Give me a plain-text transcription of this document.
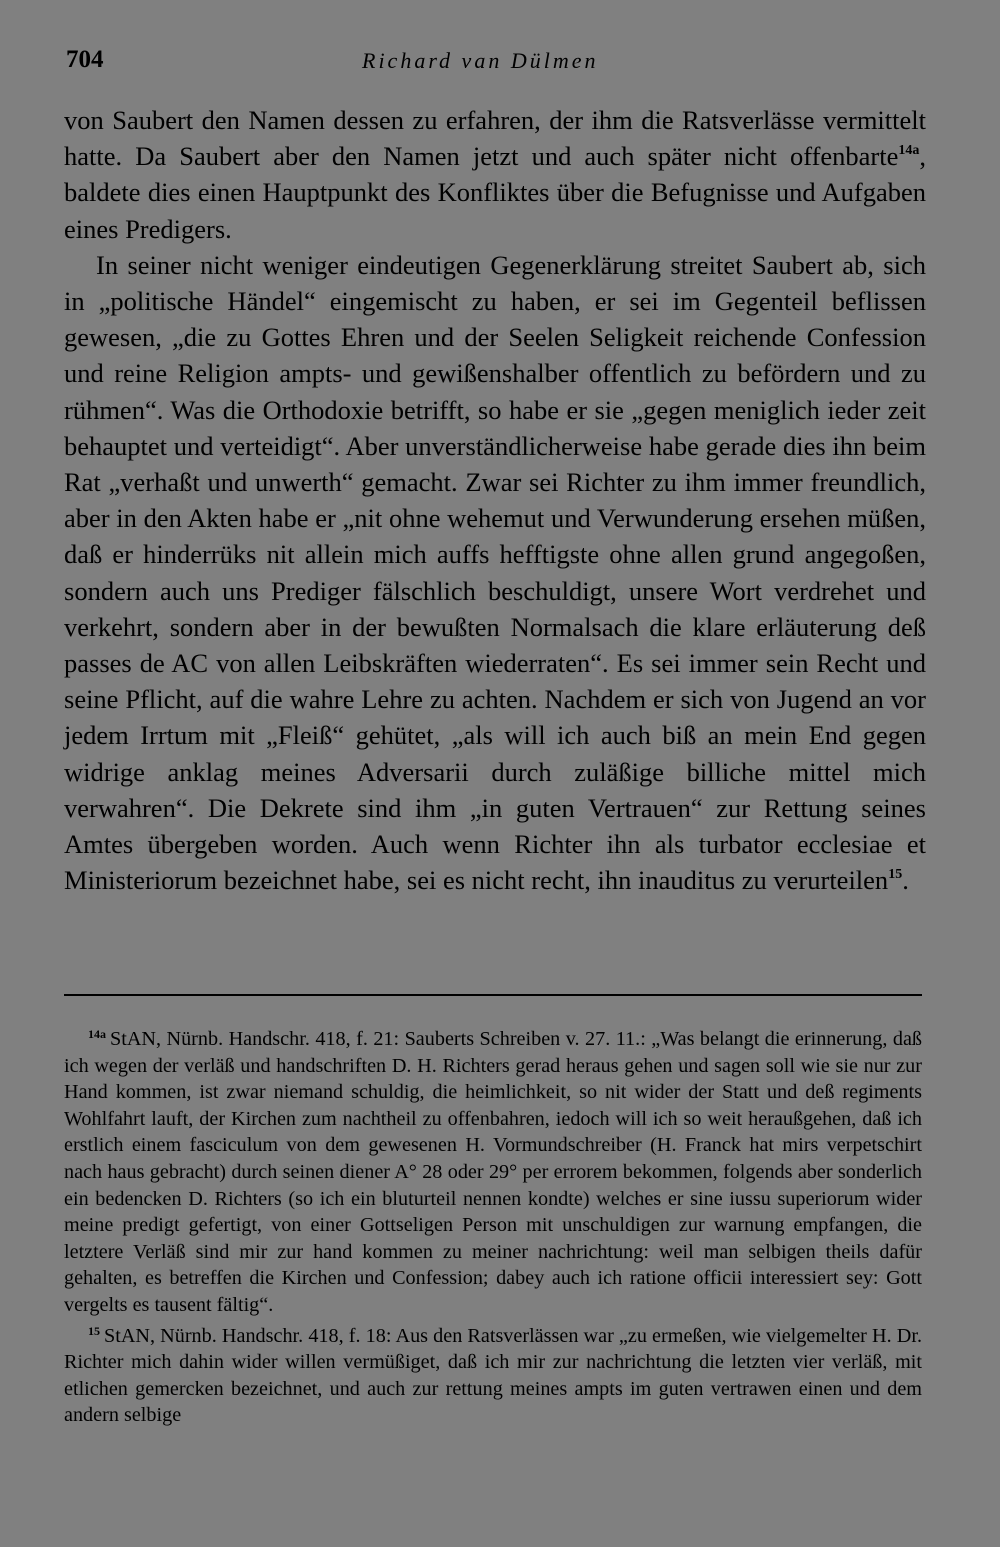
704	Richard van Dülmen

von Saubert den Namen dessen zu erfahren, der ihm die Ratsverlässe vermittelt hatte. Da Saubert aber den Namen jetzt und auch später nicht offenbarte$^{14a}$, baldete dies einen Hauptpunkt des Konfliktes über die Befugnisse und Aufgaben eines Predigers.

In seiner nicht weniger eindeutigen Gegenerklärung streitet Saubert ab, sich in „politische Händel“ eingemischt zu haben, er sei im Gegenteil beflissen gewesen, „die zu Gottes Ehren und der Seelen Seligkeit reichende Confession und reine Religion ampts- und gewißenshalber offentlich zu befördern und zu rühmen“. Was die Orthodoxie betrifft, so habe er sie „gegen meniglich ieder zeit behauptet und verteidigt“. Aber unverständlicherweise habe gerade dies ihn beim Rat „verhaßt und unwerth“ gemacht. Zwar sei Richter zu ihm immer freundlich, aber in den Akten habe er „nit ohne wehemut und Verwunderung ersehen müßen, daß er hinderrüks nit allein mich auffs hefftigste ohne allen grund angegoßen, sondern auch uns Prediger fälschlich beschuldigt, unsere Wort verdrehet und verkehrt, sondern aber in der bewußten Normalsach die klare erläuterung deß passes de AC von allen Leibskräften wiederraten“. Es sei immer sein Recht und seine Pflicht, auf die wahre Lehre zu achten. Nachdem er sich von Jugend an vor jedem Irrtum mit „Fleiß“ gehütet, „als will ich auch biß an mein End gegen widrige anklag meines Adversarii durch zuläßige billiche mittel mich verwahren“. Die Dekrete sind ihm „in guten Vertrauen“ zur Rettung seines Amtes übergeben worden. Auch wenn Richter ihn als turbator ecclesiae et Ministeriorum bezeichnet habe, sei es nicht recht, ihn inauditus zu verurteilen$^{15}$.

$^{14a}$ StAN, Nürnb. Handschr. 418, f. 21: Sauberts Schreiben v. 27. 11.: „Was belangt die erinnerung, daß ich wegen der verläß und handschriften D. H. Richters gerad heraus gehen und sagen soll wie sie nur zur Hand kommen, ist zwar niemand schuldig, die heimlichkeit, so nit wider der Statt und deß regiments Wohlfahrt lauft, der Kirchen zum nachtheil zu offenbahren, iedoch will ich so weit heraußgehen, daß ich erstlich einem fasciculum von dem gewesenen H. Vormundschreiber (H. Franck hat mirs verpetschirt nach haus gebracht) durch seinen diener A° 28 oder 29° per errorem bekommen, folgends aber sonderlich ein bedencken D. Richters (so ich ein bluturteil nennen kondte) welches er sine iussu superiorum wider meine predigt gefertigt, von einer Gottseligen Person mit unschuldigen zur warnung empfangen, die letztere Verläß sind mir zur hand kommen zu meiner nachrichtung: weil man selbigen theils dafür gehalten, es betreffen die Kirchen und Confession; dabey auch ich ratione officii interessiert sey: Gott vergelts es tausent fältig“.

$^{15}$ StAN, Nürnb. Handschr. 418, f. 18: Aus den Ratsverlässen war „zu ermeßen, wie vielgemelter H. Dr. Richter mich dahin wider willen vermüßiget, daß ich mir zur nachrichtung die letzten vier verläß, mit etlichen gemercken bezeichnet, und auch zur rettung meines ampts im guten vertrawen einen und dem andern selbige
